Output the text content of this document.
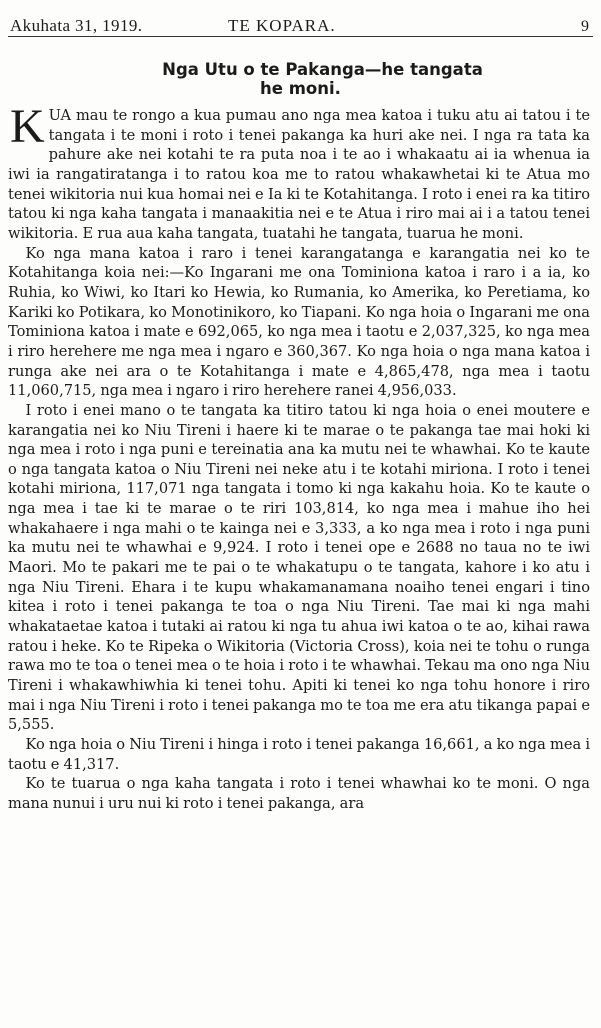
Akuhata 31, 1919.	TE KOPARA.	9
Nga Utu o te Pakanga—he tangata
he moni.

KUA mau te rongo a kua pumau ano nga mea katoa i tuku atu ai tatou i te tangata i te moni i roto i tenei pakanga ka huri ake nei. I nga ra tata ka pahure ake nei kotahi te ra puta noa i te ao i whakaatu ai ia whenua ia iwi ia rangatiratanga i to ratou koa me to ratou whakawhetai ki te Atua mo tenei wikitoria nui kua homai nei e Ia ki te Kotahitanga. I roto i enei ra ka titiro tatou ki nga kaha tangata i manaakitia nei e te Atua i riro mai ai i a tatou tenei wikitoria. E rua aua kaha tangata, tuatahi he tangata, tuarua he moni.

Ko nga mana katoa i raro i tenei karangatanga e karangatia nei ko te Kotahitanga koia nei:—Ko Ingarani me ona Tominiona katoa i raro i a ia, ko Ruhia, ko Wiwi, ko Itari ko Hewia, ko Rumania, ko Amerika, ko Peretiama, ko Kariki ko Potikara, ko Monotinikoro, ko Tiapani. Ko nga hoia o Ingarani me ona Tominiona katoa i mate e 692,065, ko nga mea i taotu e 2,037,325, ko nga mea i riro herehere me nga mea i ngaro e 360,367. Ko nga hoia o nga mana katoa i runga ake nei ara o te Kotahitanga i mate e 4,865,478, nga mea i taotu 11,060,715, nga mea i ngaro i riro herehere ranei 4,956,033.

I roto i enei mano o te tangata ka titiro tatou ki nga hoia o enei moutere e karangatia nei ko Niu Tireni i haere ki te marae o te pakanga tae mai hoki ki nga mea i roto i nga puni e tereinatia ana ka mutu nei te whawhai. Ko te kaute o nga tangata katoa o Niu Tireni nei neke atu i te kotahi miriona. I roto i tenei kotahi miriona, 117,071 nga tangata i tomo ki nga kakahu hoia. Ko te kaute o nga mea i tae ki te marae o te riri 103,814, ko nga mea i mahue iho hei whakahaere i nga mahi o te kainga nei e 3,333, a ko nga mea i roto i nga puni ka mutu nei te whawhai e 9,924. I roto i tenei ope e 2688 no taua no te iwi Maori. Mo te pakari me te pai o te whakatupu o te tangata, kahore i ko atu i nga Niu Tireni. Ehara i te kupu whakamanamana noaiho tenei engari i tino kitea i roto i tenei pakanga te toa o nga Niu Tireni. Tae mai ki nga mahi whakataetae katoa i tutaki ai ratou ki nga tu ahua iwi katoa o te ao, kihai rawa ratou i heke. Ko te Ripeka o Wikitoria (Victoria Cross), koia nei te tohu o runga rawa mo te toa o tenei mea o te hoia i roto i te whawhai. Tekau ma ono nga Niu Tireni i whakawhiwhia ki tenei tohu. Apiti ki tenei ko nga tohu honore i riro mai i nga Niu Tireni i roto i tenei pakanga mo te toa me era atu tikanga papai e 5,555.

Ko nga hoia o Niu Tireni i hinga i roto i tenei pakanga 16,661, a ko nga mea i taotu e 41,317.

Ko te tuarua o nga kaha tangata i roto i tenei whawhai ko te moni. O nga mana nunui i uru nui ki roto i tenei pakanga, ara
